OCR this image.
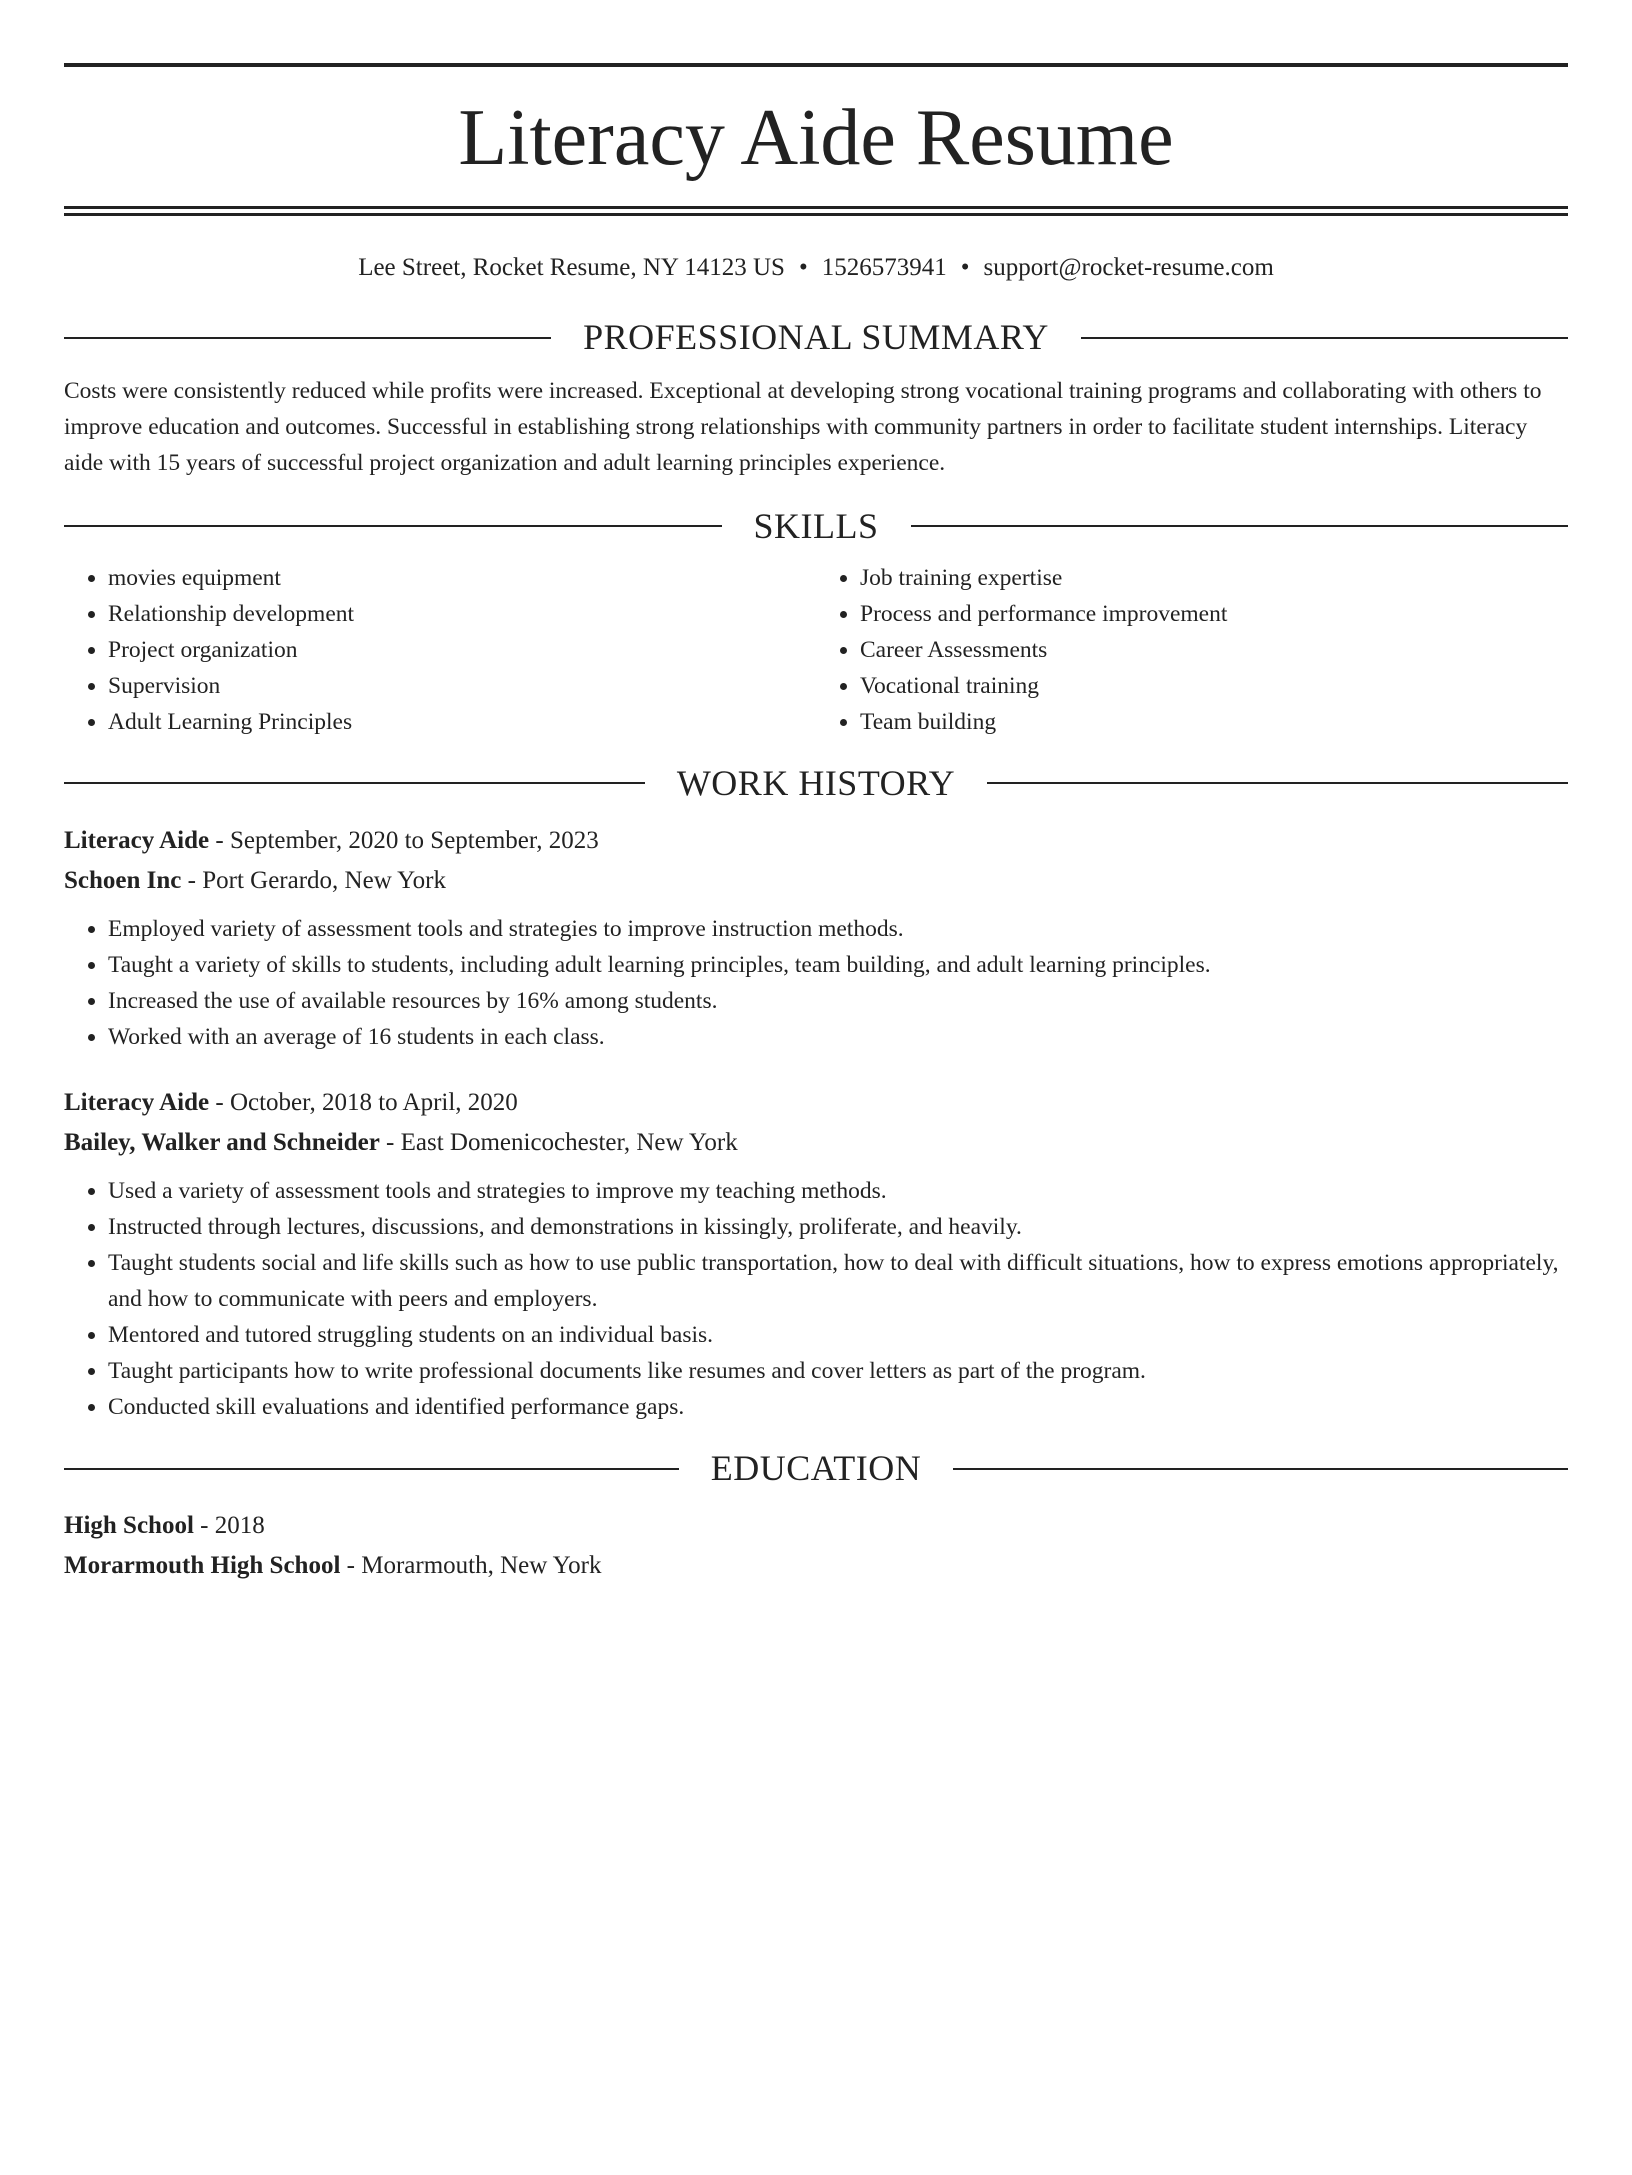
Literacy Aide Resume
Lee Street, Rocket Resume, NY 14123 US • 1526573941 • support@rocket-resume.com
PROFESSIONAL SUMMARY

Costs were consistently reduced while profits were increased. Exceptional at developing strong vocational training programs and collaborating with others to improve education and outcomes. Successful in establishing strong relationships with community partners in order to facilitate student internships. Literacy aide with 15 years of successful project organization and adult learning principles experience.

SKILLS
• movies equipment
• Relationship development
• Project organization
• Supervision
• Adult Learning Principles
• Job training expertise
• Process and performance improvement
• Career Assessments
• Vocational training
• Team building
WORK HISTORY
Literacy Aide - September, 2020 to September, 2023
Schoen Inc - Port Gerardo, New York
• Employed variety of assessment tools and strategies to improve instruction methods.
• Taught a variety of skills to students, including adult learning principles, team building, and adult learning principles.
• Increased the use of available resources by 16% among students.
• Worked with an average of 16 students in each class.
Literacy Aide - October, 2018 to April, 2020
Bailey, Walker and Schneider - East Domenicochester, New York
• Used a variety of assessment tools and strategies to improve my teaching methods.
• Instructed through lectures, discussions, and demonstrations in kissingly, proliferate, and heavily.
• Taught students social and life skills such as how to use public transportation, how to deal with difficult situations, how to express emotions appropriately, and how to communicate with peers and employers.
• Mentored and tutored struggling students on an individual basis.
• Taught participants how to write professional documents like resumes and cover letters as part of the program.
• Conducted skill evaluations and identified performance gaps.
EDUCATION
High School - 2018
Morarmouth High School - Morarmouth, New York
